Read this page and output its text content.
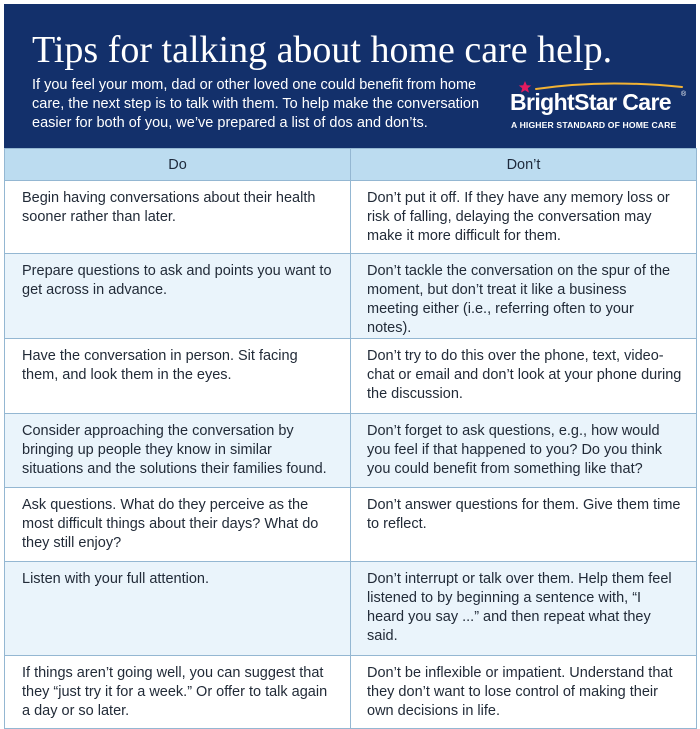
Tips for talking about home care help.
If you feel your mom, dad or other loved one could benefit from home care, the next step is to talk with them. To help make the conversation easier for both of you, we’ve prepared a list of dos and don’ts.
BrightStar Care ®
A HIGHER STANDARD OF HOME CARE
Do	Don’t
Begin having conversations about their health sooner rather than later.	Don’t put it off. If they have any memory loss or risk of falling, delaying the conversation may make it more difficult for them.
Prepare questions to ask and points you want to get across in advance.	Don’t tackle the conversation on the spur of the moment, but don’t treat it like a business meeting either (i.e., referring often to your notes).
Have the conversation in person. Sit facing them, and look them in the eyes.	Don’t try to do this over the phone, text, video-chat or email and don’t look at your phone during the discussion.
Consider approaching the conversation by bringing up people they know in similar situations and the solutions their families found.	Don’t forget to ask questions, e.g., how would you feel if that happened to you? Do you think you could benefit from something like that?
Ask questions. What do they perceive as the most difficult things about their days? What do they still enjoy?	Don’t answer questions for them. Give them time to reflect.
Listen with your full attention.	Don’t interrupt or talk over them. Help them feel listened to by beginning a sentence with, “I heard you say ...” and then repeat what they said.
If things aren’t going well, you can suggest that they “just try it for a week.” Or offer to talk again a day or so later.	Don’t be inflexible or impatient. Understand that they don’t want to lose control of making their own decisions in life.
